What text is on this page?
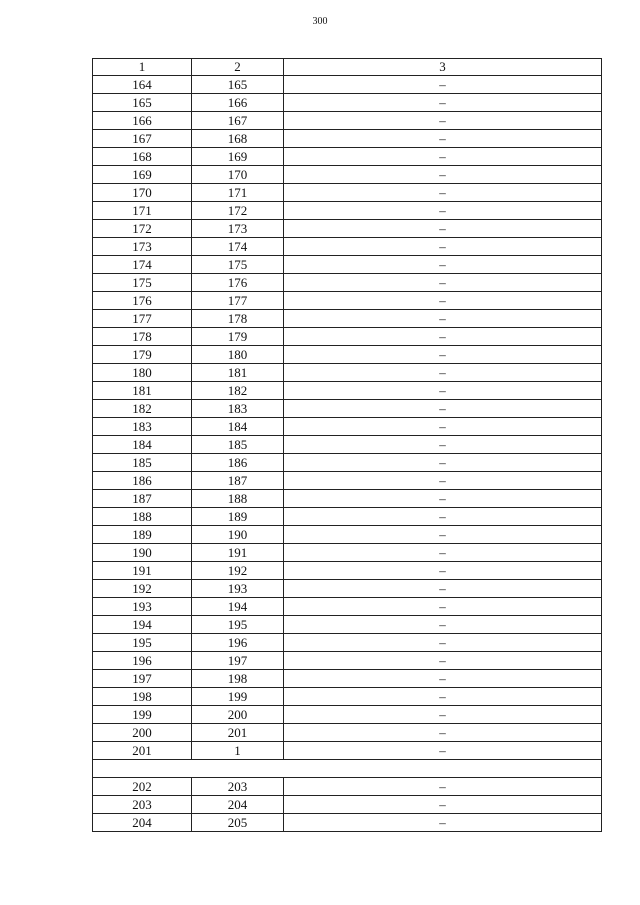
300
1	2	3
164	165	–
165	166	–
166	167	–
167	168	–
168	169	–
169	170	–
170	171	–
171	172	–
172	173	–
173	174	–
174	175	–
175	176	–
176	177	–
177	178	–
178	179	–
179	180	–
180	181	–
181	182	–
182	183	–
183	184	–
184	185	–
185	186	–
186	187	–
187	188	–
188	189	–
189	190	–
190	191	–
191	192	–
192	193	–
193	194	–
194	195	–
195	196	–
196	197	–
197	198	–
198	199	–
199	200	–
200	201	–
201	1	–

202	203	–
203	204	–
204	205	–
